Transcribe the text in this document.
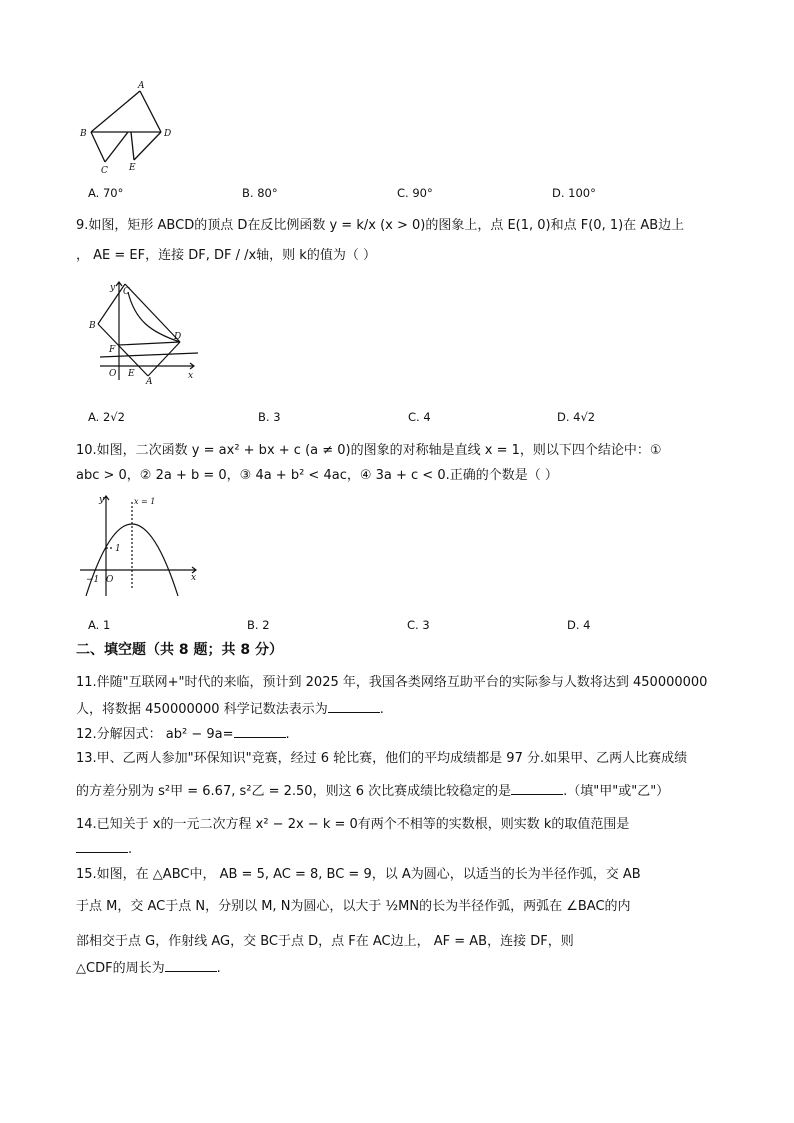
A
B	D
C E
A. 70°	B. 80°	C. 90°	D. 100°
9.如图，矩形 ABCD的顶点 D在反比例函数 y = k/x (x > 0)的图象上，点 E(1, 0)和点 F(0, 1)在 AB边上
， AE = EF，连接 DF, DF / /x轴，则 k的值为（ ）
y
x
C
B
F
D
O E
A
A. 2√2	B. 3	C. 4	D. 4√2
10.如图，二次函数 y = ax² + bx + c (a ≠ 0)的图象的对称轴是直线 x = 1，则以下四个结论中：①
abc > 0，② 2a + b = 0，③ 4a + b² < 4ac，④ 3a + c < 0.正确的个数是（ ）
y
x
x = 1
1
−1 O
A. 1	B. 2	C. 3	D. 4
二、填空题（共 8 题；共 8 分）
11.伴随"互联网+"时代的来临，预计到 2025 年，我国各类网络互助平台的实际参与人数将达到 450000000
人，将数据 450000000 科学记数法表示为	.
12.分解因式： ab² − 9a=	.
13.甲、乙两人参加"环保知识"竞赛，经过 6 轮比赛，他们的平均成绩都是 97 分.如果甲、乙两人比赛成绩
的方差分别为 s²甲 = 6.67, s²乙 = 2.50，则这 6 次比赛成绩比较稳定的是	.（填"甲"或"乙"）
14.已知关于 x的一元二次方程 x² − 2x − k = 0有两个不相等的实数根，则实数 k的取值范围是
.
15.如图，在 △ABC中， AB = 5, AC = 8, BC = 9，以 A为圆心，以适当的长为半径作弧，交 AB
于点 M，交 AC于点 N，分别以 M, N为圆心，以大于 ½MN的长为半径作弧，两弧在 ∠BAC的内
部相交于点 G，作射线 AG，交 BC于点 D，点 F在 AC边上， AF = AB，连接 DF，则
△CDF的周长为	.
